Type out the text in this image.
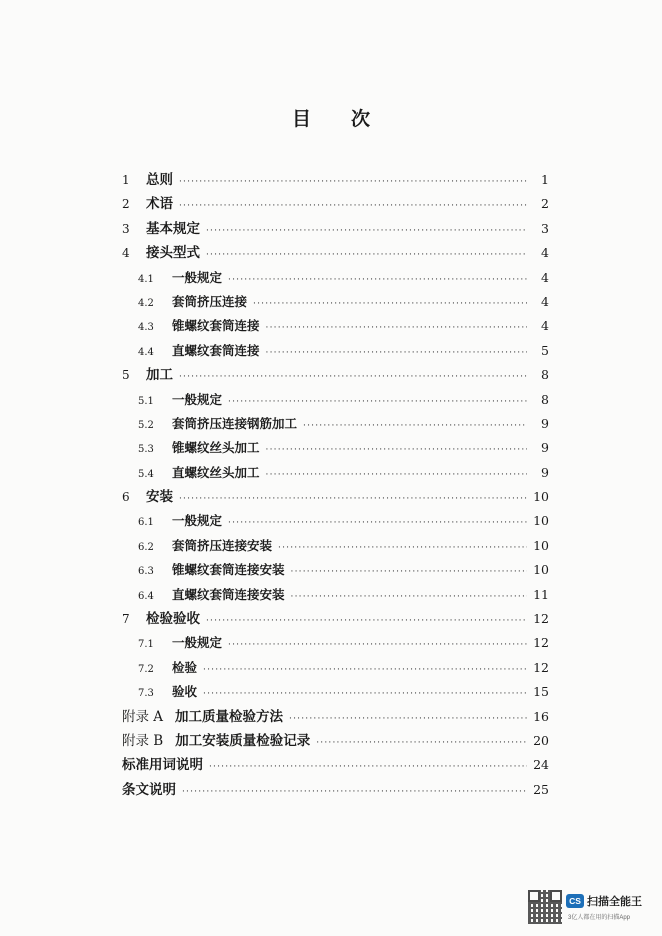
目 次
1	总则 ·····	1
2	术语 ·····	2
3	基本规定 ·····	3
4	接头型式 ·····	4
4.1	一般规定 ·····	4
4.2	套筒挤压连接 ·····	4
4.3	锥螺纹套筒连接 ·····	4
4.4	直螺纹套筒连接 ·····	5
5	加工 ·····	8
5.1	一般规定 ·····	8
5.2	套筒挤压连接钢筋加工 ·····	9
5.3	锥螺纹丝头加工 ·····	9
5.4	直螺纹丝头加工 ·····	9
6	安装 ·····	10
6.1	一般规定 ·····	10
6.2	套筒挤压连接安装 ·····	10
6.3	锥螺纹套筒连接安装 ·····	10
6.4	直螺纹套筒连接安装 ·····	11
7	检验验收 ·····	12
7.1	一般规定 ·····	12
7.2	检验 ·····	12
7.3	验收 ·····	15
附录 A 加工质量检验方法 ·····	16
附录 B 加工安装质量检验记录 ·····	20
标准用词说明 ·····	24
条文说明 ·····	25
CS 扫描全能王
3亿人都在用的扫描App
